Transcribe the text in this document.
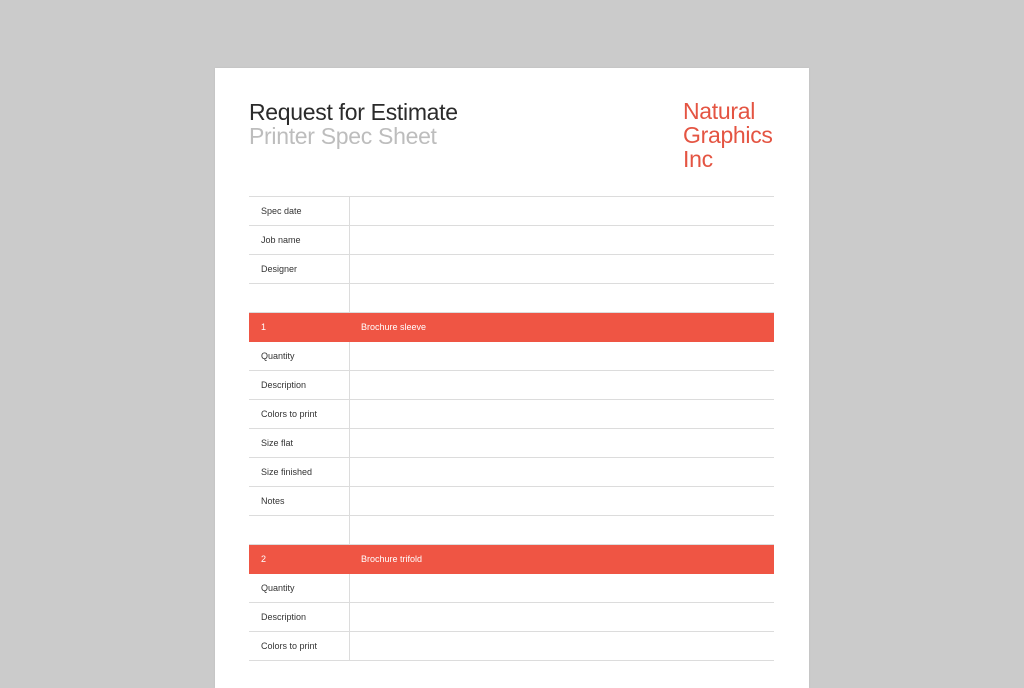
Request for Estimate
Printer Spec Sheet
Natural
Graphics
Inc
Spec date
Job name
Designer
1	Brochure sleeve
Quantity
Description
Colors to print
Size flat
Size finished
Notes
2	Brochure trifold
Quantity
Description
Colors to print
